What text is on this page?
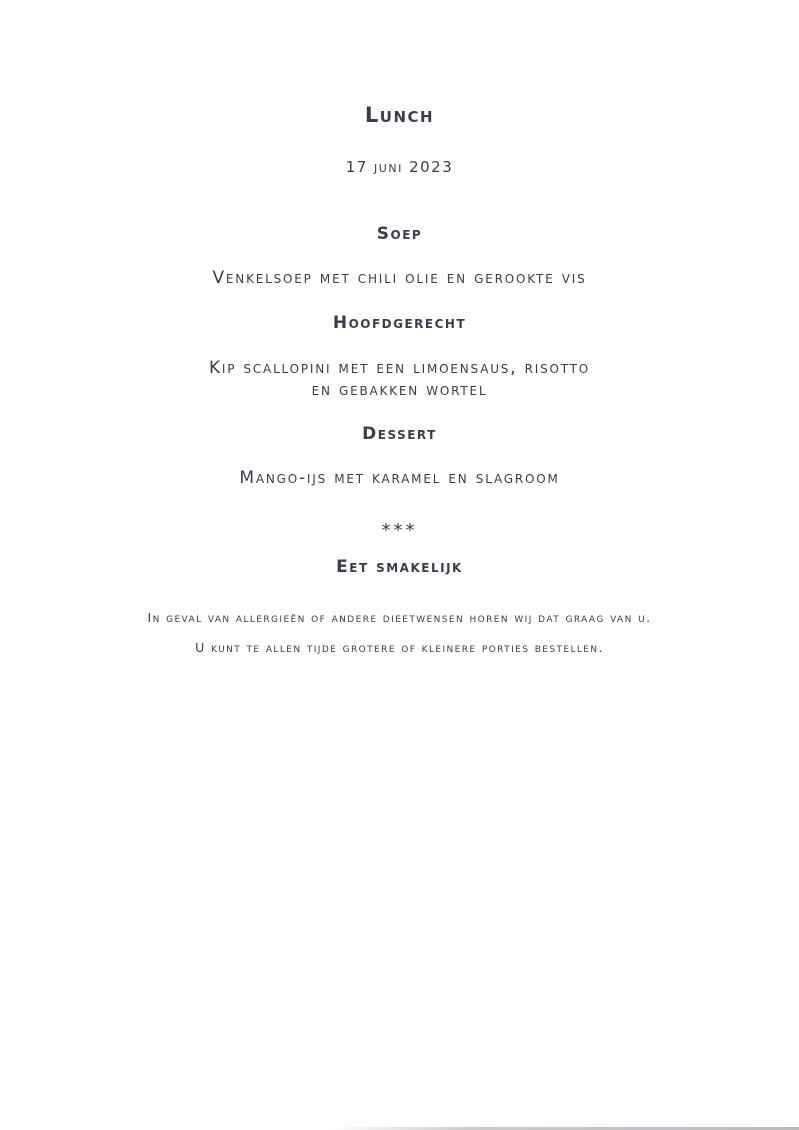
Lunch
17 juni 2023
Soep
Venkelsoep met chili olie en gerookte vis
Hoofdgerecht
Kip scallopini met een limoensaus, risotto
en gebakken wortel
Dessert
Mango-ijs met karamel en slagroom
***
Eet smakelijk
In geval van allergieën of andere dieetwensen horen wij dat graag van u.
U kunt te allen tijde grotere of kleinere porties bestellen.
